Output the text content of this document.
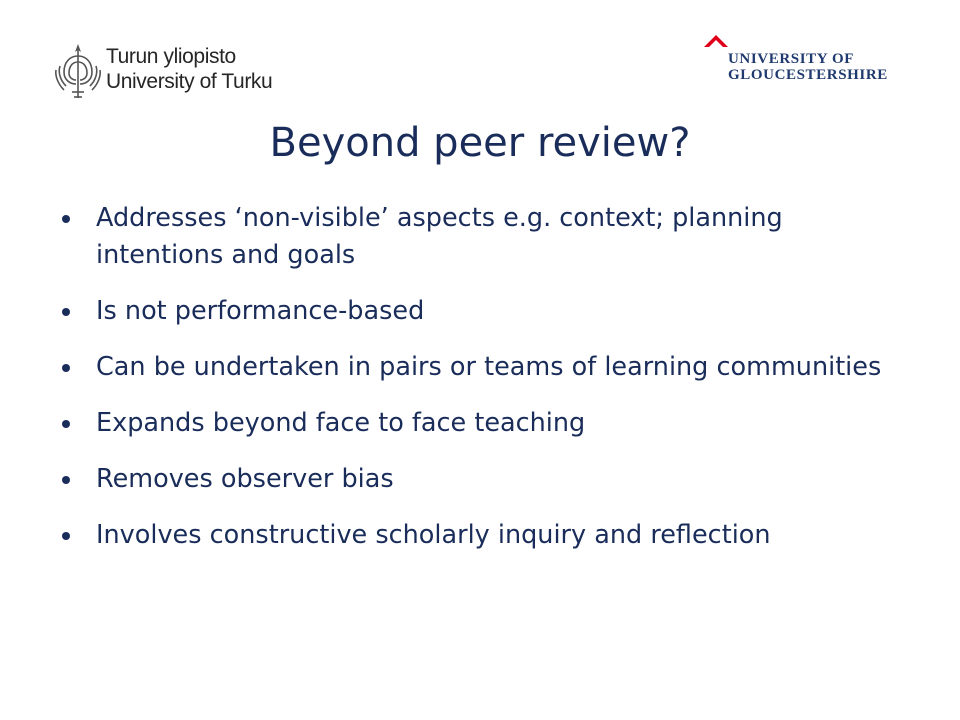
Turun yliopisto
University of Turku
UNIVERSITY OF
GLOUCESTERSHIRE
Beyond peer review?
Addresses ‘non-visible’ aspects e.g. context; planning intentions and goals
Is not performance-based
Can be undertaken in pairs or teams of learning communities
Expands beyond face to face teaching
Removes observer bias
Involves constructive scholarly inquiry and reflection
